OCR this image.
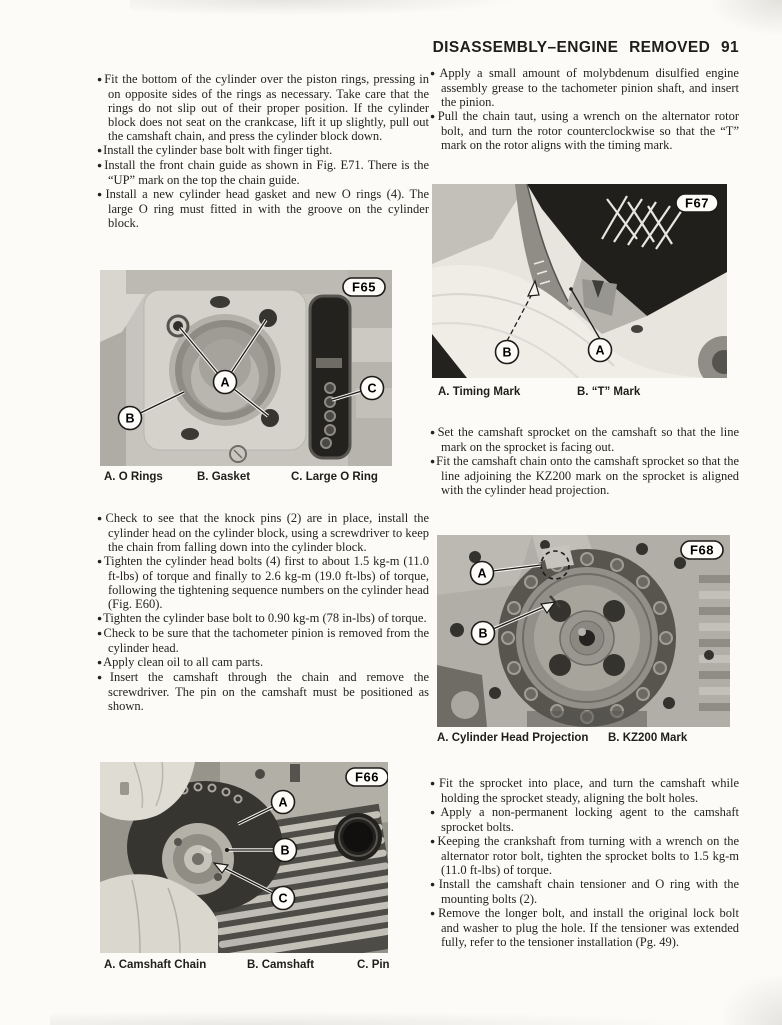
DISASSEMBLY–ENGINE REMOVED 91
● Fit the bottom of the cylinder over the piston rings, pressing in on opposite sides of the rings as necessary. Take care that the rings do not slip out of their proper position. If the cylinder block does not seat on the crankcase, lift it up slightly, pull out the camshaft chain, and press the cylinder block down.
● Install the cylinder base bolt with finger tight.
● Install the front chain guide as shown in Fig. E71. There is the “UP” mark on the top the chain guide.
● Install a new cylinder head gasket and new O rings (4). The large O ring must fitted in with the groove on the cylinder block.
A
B
C
F65
A. O Rings	B. Gasket	C. Large O Ring
● Check to see that the knock pins (2) are in place, install the cylinder head on the cylinder block, using a screwdriver to keep the chain from falling down into the cylinder block.
● Tighten the cylinder head bolts (4) first to about 1.5 kg-m (11.0 ft-lbs) of torque and finally to 2.6 kg-m (19.0 ft-lbs) of torque, following the tightening sequence numbers on the cylinder head (Fig. E60).
● Tighten the cylinder base bolt to 0.90 kg-m (78 in-lbs) of torque.
● Check to be sure that the tachometer pinion is removed from the cylinder head.
● Apply clean oil to all cam parts.
● Insert the camshaft through the chain and remove the screwdriver. The pin on the camshaft must be positioned as shown.
A
B
C
F66
A. Camshaft Chain	B. Camshaft	C. Pin
● Apply a small amount of molybdenum disulfied engine assembly grease to the tachometer pinion shaft, and insert the pinion.
● Pull the chain taut, using a wrench on the alternator rotor bolt, and turn the rotor counterclockwise so that the “T” mark on the rotor aligns with the timing mark.
B	A
F67
A. Timing Mark	B. “T” Mark
● Set the camshaft sprocket on the camshaft so that the line mark on the sprocket is facing out.
● Fit the camshaft chain onto the camshaft sprocket so that the line adjoining the KZ200 mark on the sprocket is aligned with the cylinder head projection.
A
B
F68
A. Cylinder Head Projection B. KZ200 Mark
● Fit the sprocket into place, and turn the camshaft while holding the sprocket steady, aligning the bolt holes.
● Apply a non-permanent locking agent to the camshaft sprocket bolts.
● Keeping the crankshaft from turning with a wrench on the alternator rotor bolt, tighten the sprocket bolts to 1.5 kg-m (11.0 ft-lbs) of torque.
● Install the camshaft chain tensioner and O ring with the mounting bolts (2).
● Remove the longer bolt, and install the original lock bolt and washer to plug the hole. If the tensioner was extended fully, refer to the tensioner installation (Pg. 49).
